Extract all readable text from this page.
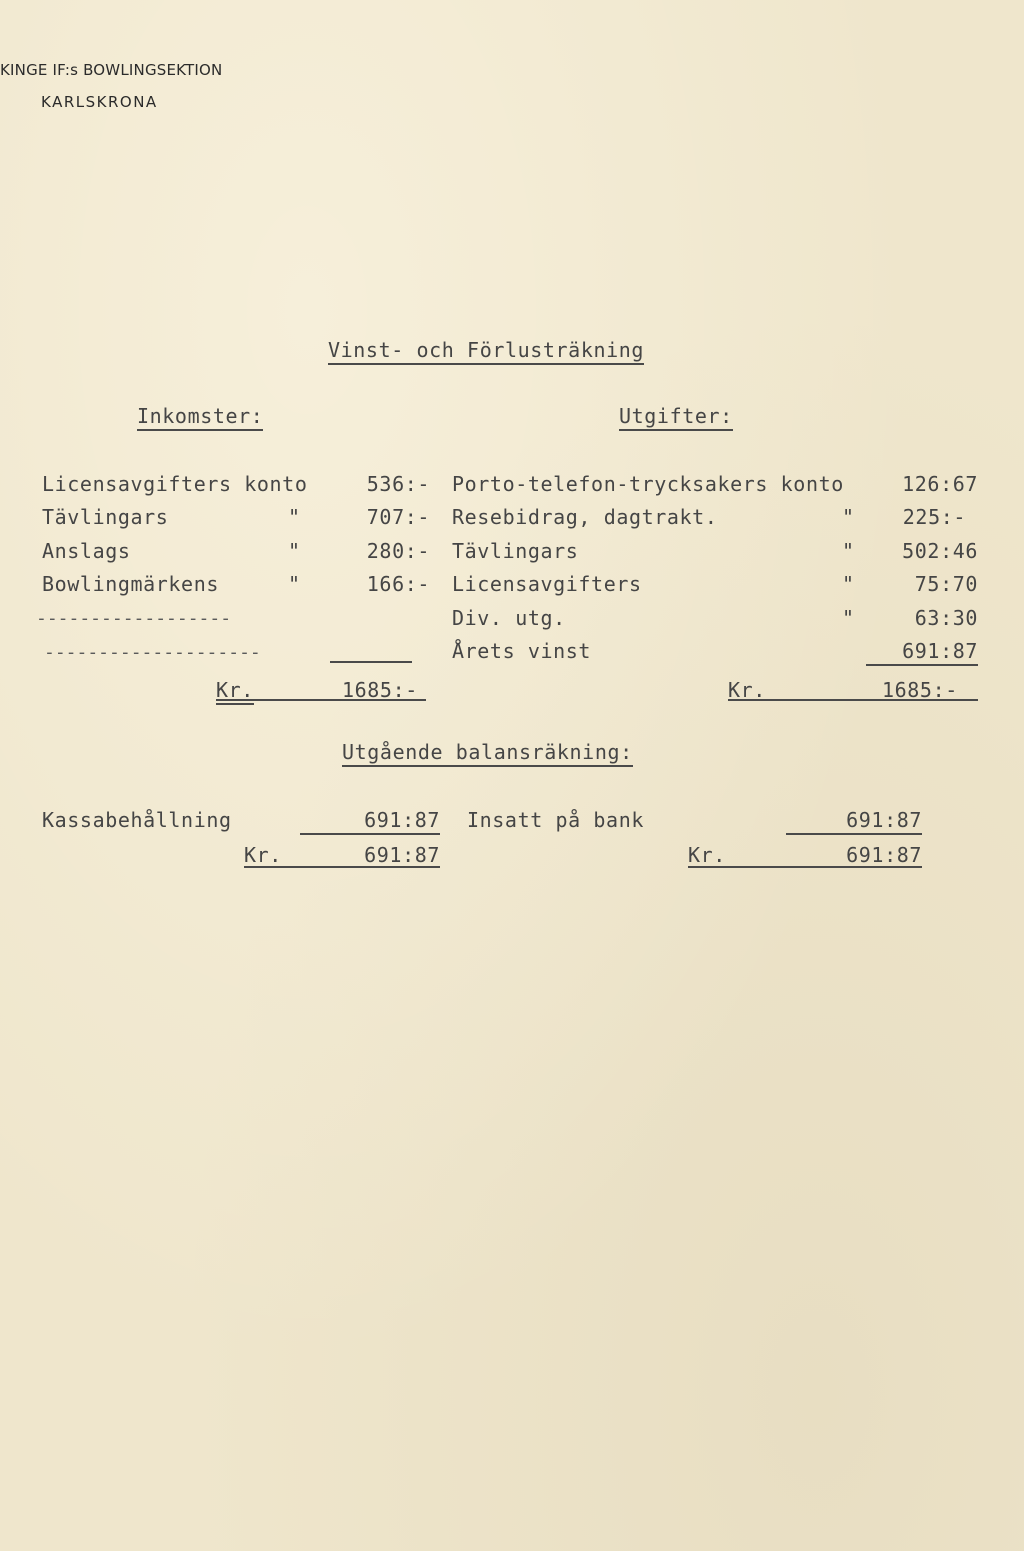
KINGE IF:s BOWLINGSEKTION
KARLSKRONA
Vinst- och Förlusträkning
Inkomster:	Utgifter:
Licensavgifters konto	536:-
Tävlingars	"	707:-
Anslags	"	280:-
Bowlingmärkens	"	166:-
------------------
--------------------
Kr.	1685:-
Porto-telefon-trycksakers konto	126:67
Resebidrag, dagtrakt.	"	225:-
Tävlingars	"	502:46
Licensavgifters	"	75:70
Div. utg.	"	63:30
Årets vinst	691:87
Kr.	1685:-
Utgående balansräkning:
Kassabehållning	691:87
Kr.	691:87
Insatt på bank	691:87
Kr.	691:87
